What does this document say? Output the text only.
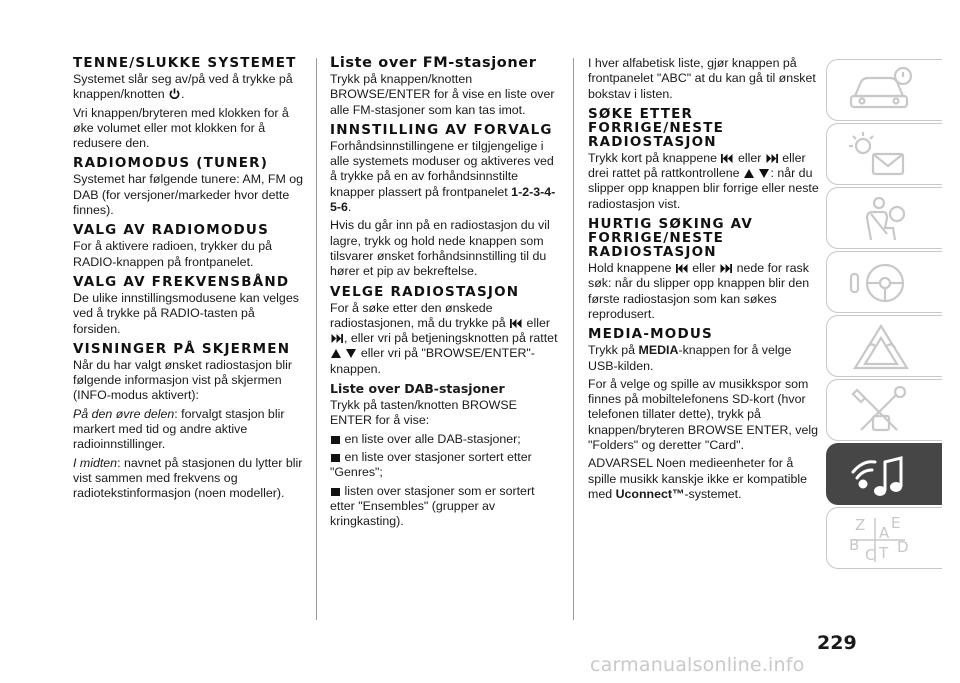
TENNE/SLUKKE SYSTEMET

Systemet slår seg av/på ved å trykke på knappen/knotten .

Vri knappen/bryteren med klokken for å øke volumet eller mot klokken for å redusere den.

RADIOMODUS (TUNER)

Systemet har følgende tunere: AM, FM og DAB (for versjoner/markeder hvor dette finnes).

VALG AV RADIOMODUS

For å aktivere radioen, trykker du på RADIO-knappen på frontpanelet.

VALG AV FREKVENSBÅND

De ulike innstillingsmodusene kan velges ved å trykke på RADIO-tasten på forsiden.

VISNINGER PÅ SKJERMEN

Når du har valgt ønsket radiostasjon blir følgende informasjon vist på skjermen (INFO-modus aktivert):

På den øvre delen: forvalgt stasjon blir markert med tid og andre aktive radioinnstillinger.

I midten: navnet på stasjonen du lytter blir vist sammen med frekvens og radiotekstinformasjon (noen modeller).

Liste over FM-stasjoner

Trykk på knappen/knotten BROWSE/ENTER for å vise en liste over alle FM-stasjoner som kan tas imot.

INNSTILLING AV FORVALG

Forhåndsinnstillingene er tilgjengelige i alle systemets moduser og aktiveres ved å trykke på en av forhåndsinnstilte knapper plassert på frontpanelet 1-2-3-4-5-6.

Hvis du går inn på en radiostasjon du vil lagre, trykk og hold nede knappen som tilsvarer ønsket forhåndsinnstilling til du hører et pip av bekreftelse.

VELGE RADIOSTASJON

For å søke etter den ønskede radiostasjonen, må du trykke på eller , eller vri på betjeningsknotten på rattet   eller vri på "BROWSE/ENTER"-knappen.

Liste over DAB-stasjoner

Trykk på tasten/knotten BROWSE ENTER for å vise:

en liste over alle DAB-stasjoner;

en liste over stasjoner sortert etter "Genres";

listen over stasjoner som er sortert etter "Ensembles" (grupper av kringkasting).

I hver alfabetisk liste, gjør knappen på frontpanelet "ABC" at du kan gå til ønsket bokstav i listen.

SØKE ETTER FORRIGE/NESTE RADIOSTASJON

Trykk kort på knappene eller eller drei rattet på rattkontrollene : når du slipper opp knappen blir forrige eller neste radiostasjon vist.

HURTIG SØKING AV FORRIGE/NESTE RADIOSTASJON

Hold knappene eller nede for rask søk: når du slipper opp knappen blir den første radiostasjon som kan søkes reprodusert.

MEDIA-MODUS

Trykk på MEDIA-knappen for å velge USB-kilden.

For å velge og spille av musikkspor som finnes på mobiltelefonens SD-kort (hvor telefonen tillater dette), trykk på knappen/bryteren BROWSE ENTER, velg "Folders" og deretter "Card".

ADVARSEL Noen medieenheter for å spille musikk kanskje ikke er kompatible med Uconnect™-systemet.

Z E
A
B
C T D
229
carmanualsonline.info
